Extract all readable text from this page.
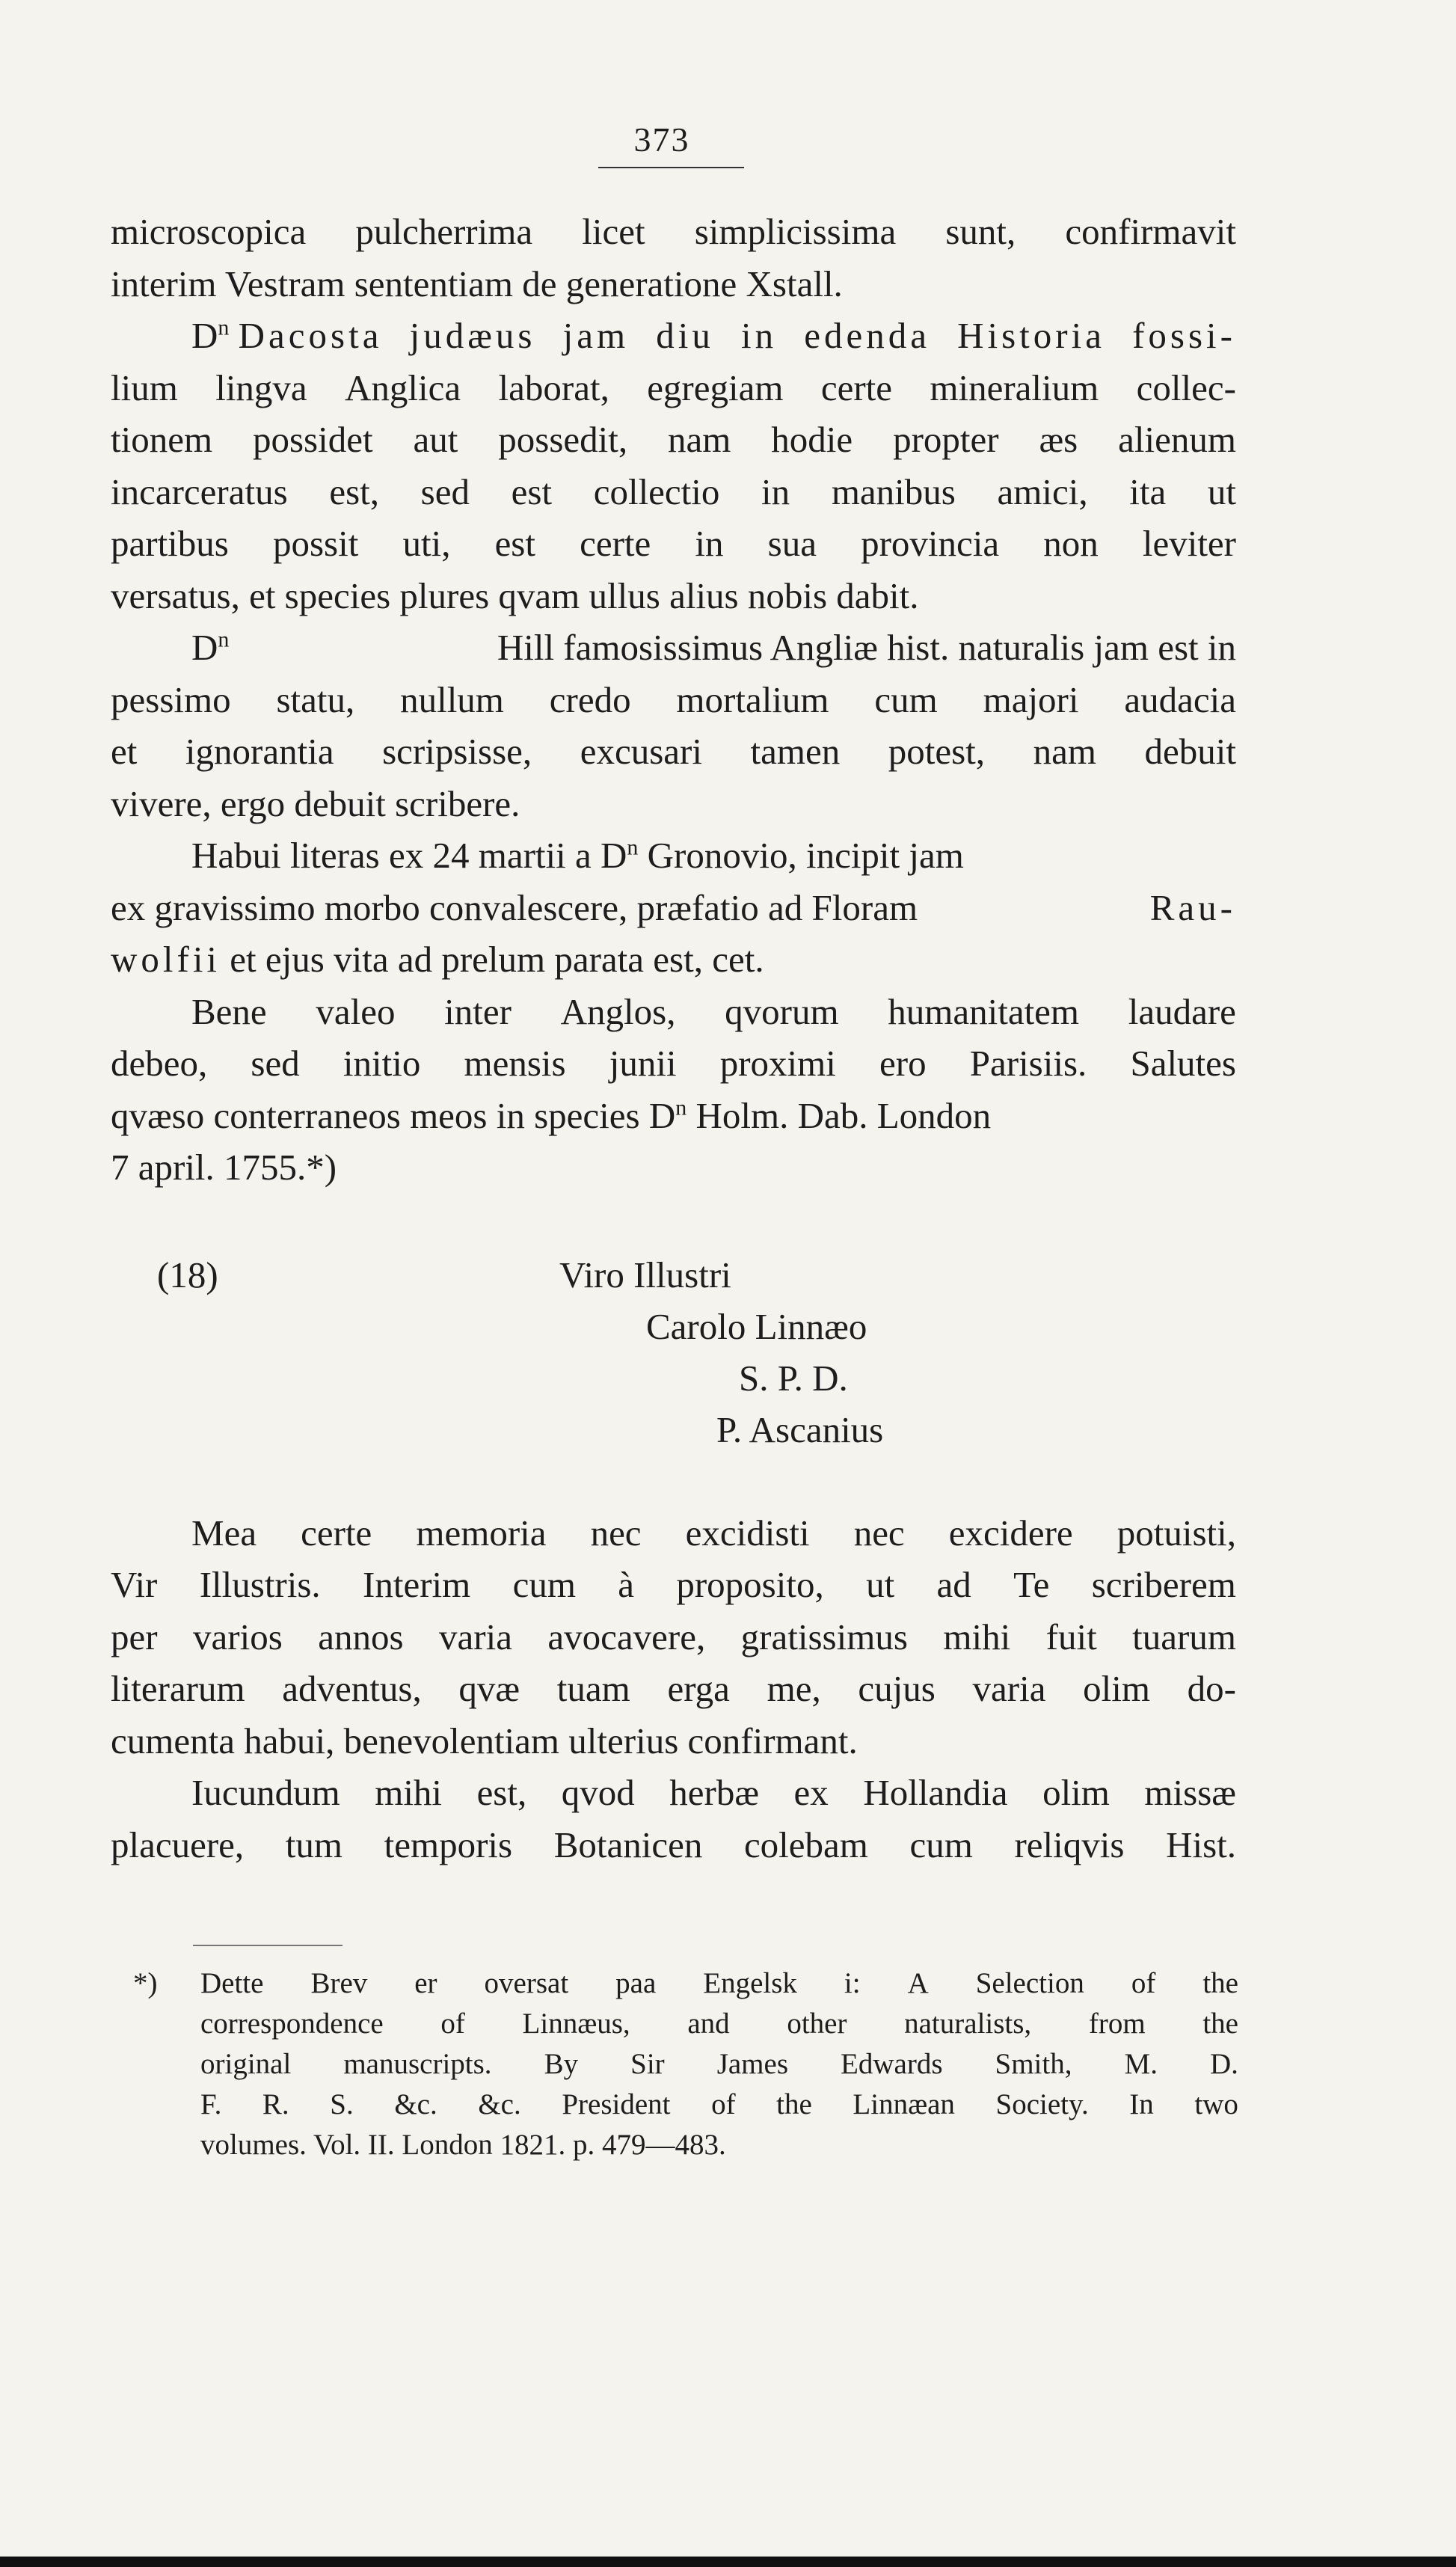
373
microscopica pulcherrima licet simplicissima sunt, confirmavit
interim Vestram sententiam de generatione Xstall.
$D^n$ Dacosta judæus jam diu in edenda Historia fossi-
lium lingva Anglica laborat, egregiam certe mineralium collec-
tionem possidet aut possedit, nam hodie propter æs alienum
incarceratus est, sed est collectio in manibus amici, ita ut
partibus possit uti, est certe in sua provincia non leviter
versatus, et species plures qvam ullus alius nobis dabit.
$D^n$	Hill famosissimus Angliæ hist. naturalis jam est in
pessimo statu, nullum credo mortalium cum majori audacia
et ignorantia scripsisse, excusari tamen potest, nam debuit
vivere, ergo debuit scribere.
Habui literas ex 24 martii a $D^n$ Gronovio, incipit jam
ex gravissimo morbo convalescere, præfatio ad Floram	Rau-
wolfii
et ejus vita ad prelum parata est, cet.
Bene valeo inter Anglos, qvorum humanitatem laudare
debeo, sed initio mensis junii proximi ero Parisiis. Salutes
qvæso conterraneos meos in species $D^n$ Holm. Dab. London
7 april. 1755.*)
(18)	Viro Illustri
Carolo Linnæo
S. P. D.
P. Ascanius
Mea certe memoria nec excidisti nec excidere potuisti,
Vir Illustris. Interim cum à proposito, ut ad Te scriberem
per varios annos varia avocavere, gratissimus mihi fuit tuarum
literarum adventus, qvæ tuam erga me, cujus varia olim do-
cumenta habui, benevolentiam ulterius confirmant.
Iucundum mihi est, qvod herbæ ex Hollandia olim missæ
placuere, tum temporis Botanicen colebam cum reliqvis Hist.
*) Dette Brev er oversat paa Engelsk i: A Selection of the
correspondence of Linnæus, and other naturalists, from the
original manuscripts. By Sir James Edwards Smith, M. D.
F. R. S. &c. &c. President of the Linnæan Society. In two
volumes. Vol. II. London 1821. p. 479—483.
